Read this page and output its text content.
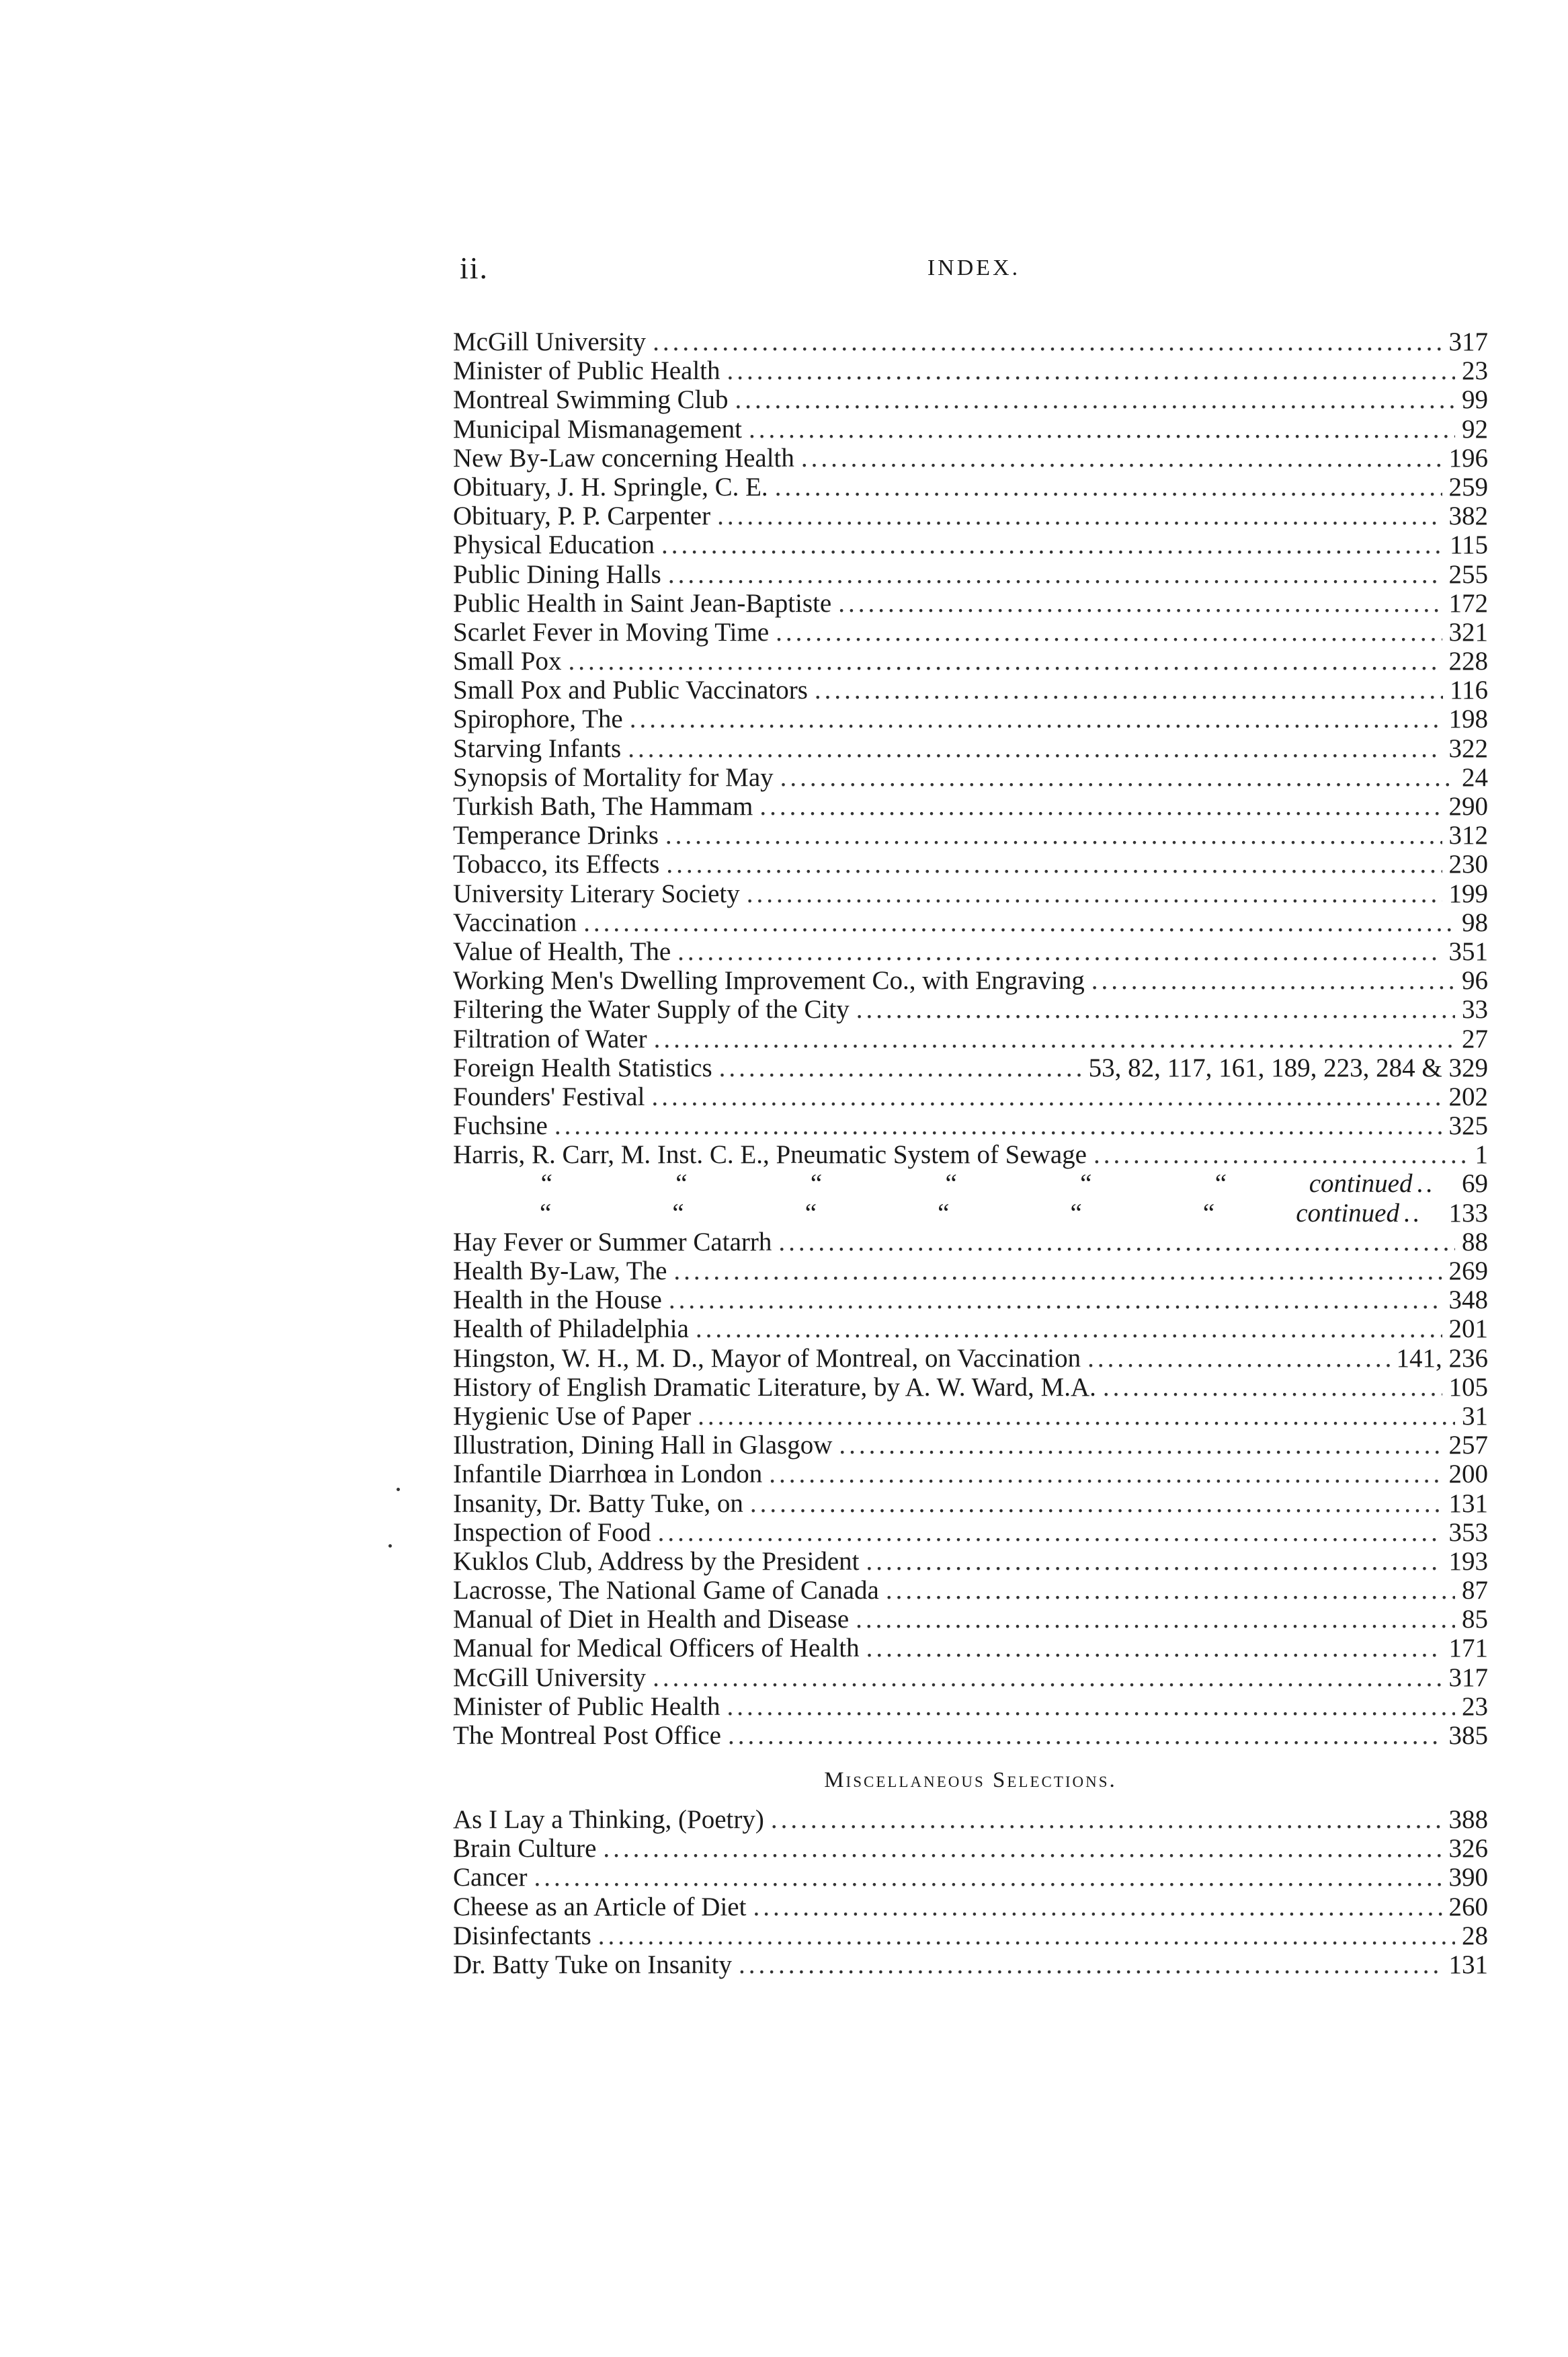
ii.	INDEX.
McGill University .....	317
Minister of Public Health .....	23
Montreal Swimming Club .....	99
Municipal Mismanagement .....	92
New By-Law concerning Health .....	196
Obituary, J. H. Springle, C. E. .....	259
Obituary, P. P. Carpenter .....	382
Physical Education .....	115
Public Dining Halls .....	255
Public Health in Saint Jean-Baptiste .....	172
Scarlet Fever in Moving Time .....	321
Small Pox .....	228
Small Pox and Public Vaccinators .....	116
Spirophore, The .....	198
Starving Infants .....	322
Synopsis of Mortality for May .....	24
Turkish Bath, The Hammam .....	290
Temperance Drinks .....	312
Tobacco, its Effects .....	230
University Literary Society .....	199
Vaccination .....	98
Value of Health, The .....	351
Working Men's Dwelling Improvement Co., with Engraving .....	96
Filtering the Water Supply of the City .....	33
Filtration of Water .....	27
Foreign Health Statistics .....	53, 82, 117, 161, 189, 223, 284 & 329
Founders' Festival .....	202
Fuchsine .....	325
Harris, R. Carr, M. Inst. C. E., Pneumatic System of Sewage .....	1
“	“	“	“	“	“	continued .. 69
“	“	“	“	“	“	continued .. 133
Hay Fever or Summer Catarrh .....	88
Health By-Law, The .....	269
Health in the House .....	348
Health of Philadelphia .....	201
Hingston, W. H., M. D., Mayor of Montreal, on Vaccination .....	141, 236
History of English Dramatic Literature, by A. W. Ward, M.A. .....	105
Hygienic Use of Paper .....	31
Illustration, Dining Hall in Glasgow .....	257
Infantile Diarrhœa in London .....	200
Insanity, Dr. Batty Tuke, on .....	131
Inspection of Food .....	353
Kuklos Club, Address by the President .....	193
Lacrosse, The National Game of Canada .....	87
Manual of Diet in Health and Disease .....	85
Manual for Medical Officers of Health .....	171
McGill University .....	317
Minister of Public Health .....	23
The Montreal Post Office .....	385
Miscellaneous Selections.
As I Lay a Thinking, (Poetry) .....	388
Brain Culture .....	326
Cancer .....	390
Cheese as an Article of Diet .....	260
Disinfectants .....	28
Dr. Batty Tuke on Insanity .....	131
